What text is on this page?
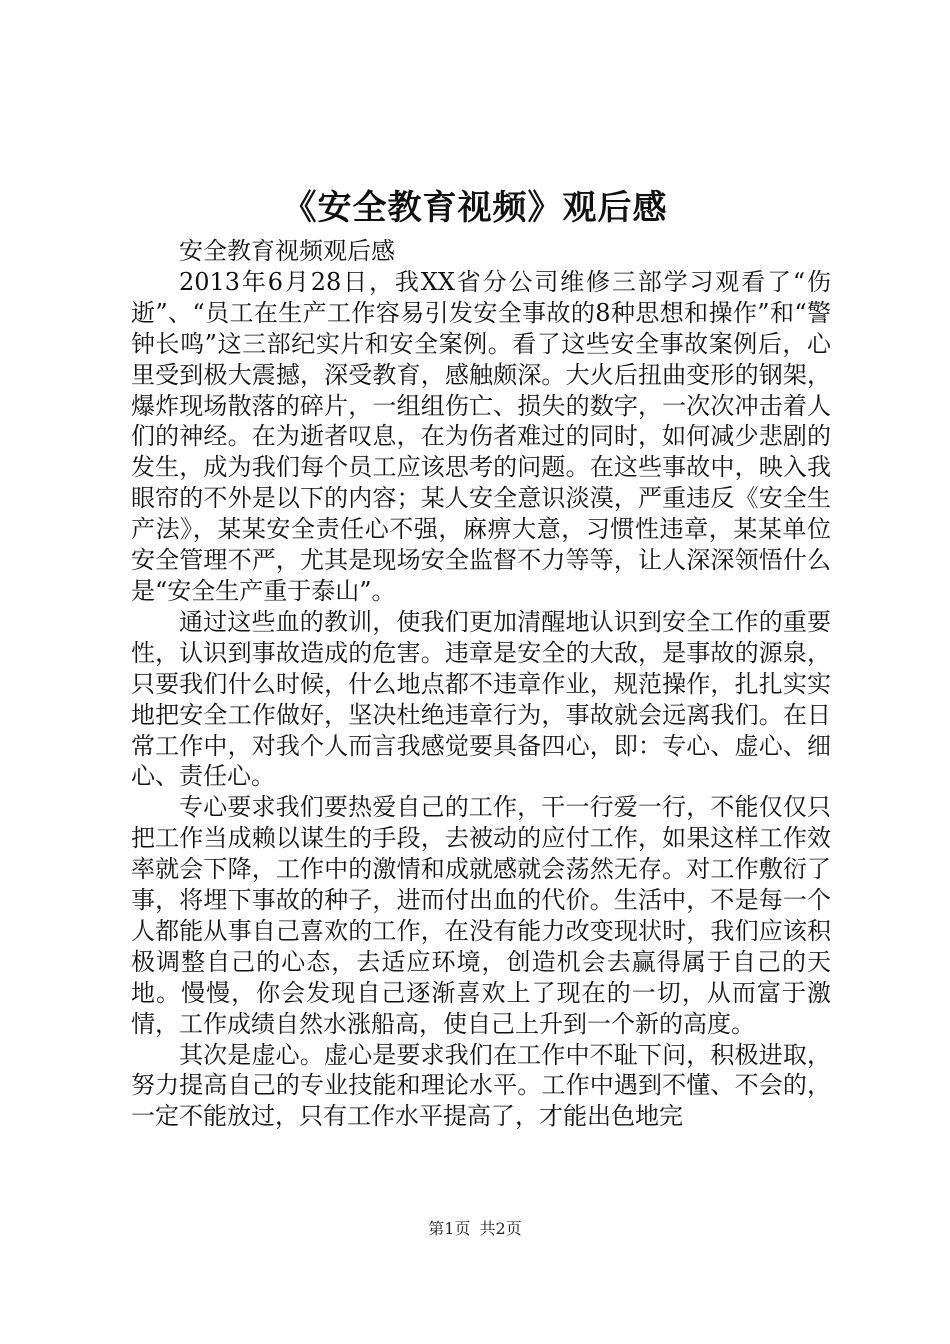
《安全教育视频》观后感

安全教育视频观后感

2013年6月28日，我XX省分公司维修三部学习观看了“伤逝”、“员工在生产工作容易引发安全事故的8种思想和操作”和“警钟长鸣”这三部纪实片和安全案例。看了这些安全事故案例后，心里受到极大震撼，深受教育，感触颇深。大火后扭曲变形的钢架，爆炸现场散落的碎片，一组组伤亡、损失的数字，一次次冲击着人们的神经。在为逝者叹息，在为伤者难过的同时，如何减少悲剧的发生，成为我们每个员工应该思考的问题。在这些事故中，映入我眼帘的不外是以下的内容；某人安全意识淡漠，严重违反《安全生产法》，某某安全责任心不强，麻痹大意，习惯性违章，某某单位安全管理不严，尤其是现场安全监督不力等等，让人深深领悟什么是“安全生产重于泰山”。

通过这些血的教训，使我们更加清醒地认识到安全工作的重要性，认识到事故造成的危害。违章是安全的大敌，是事故的源泉，只要我们什么时候，什么地点都不违章作业，规范操作，扎扎实实地把安全工作做好，坚决杜绝违章行为，事故就会远离我们。在日常工作中，对我个人而言我感觉要具备四心，即：专心、虚心、细心、责任心。

专心要求我们要热爱自己的工作，干一行爱一行，不能仅仅只把工作当成赖以谋生的手段，去被动的应付工作，如果这样工作效率就会下降，工作中的激情和成就感就会荡然无存。对工作敷衍了事，将埋下事故的种子，进而付出血的代价。生活中，不是每一个人都能从事自己喜欢的工作，在没有能力改变现状时，我们应该积极调整自己的心态，去适应环境，创造机会去赢得属于自己的天地。慢慢，你会发现自己逐渐喜欢上了现在的一切，从而富于激情，工作成绩自然水涨船高，使自己上升到一个新的高度。

其次是虚心。虚心是要求我们在工作中不耻下问，积极进取，努力提高自己的专业技能和理论水平。工作中遇到不懂、不会的，一定不能放过，只有工作水平提高了，才能出色地完

第1页 共2页
